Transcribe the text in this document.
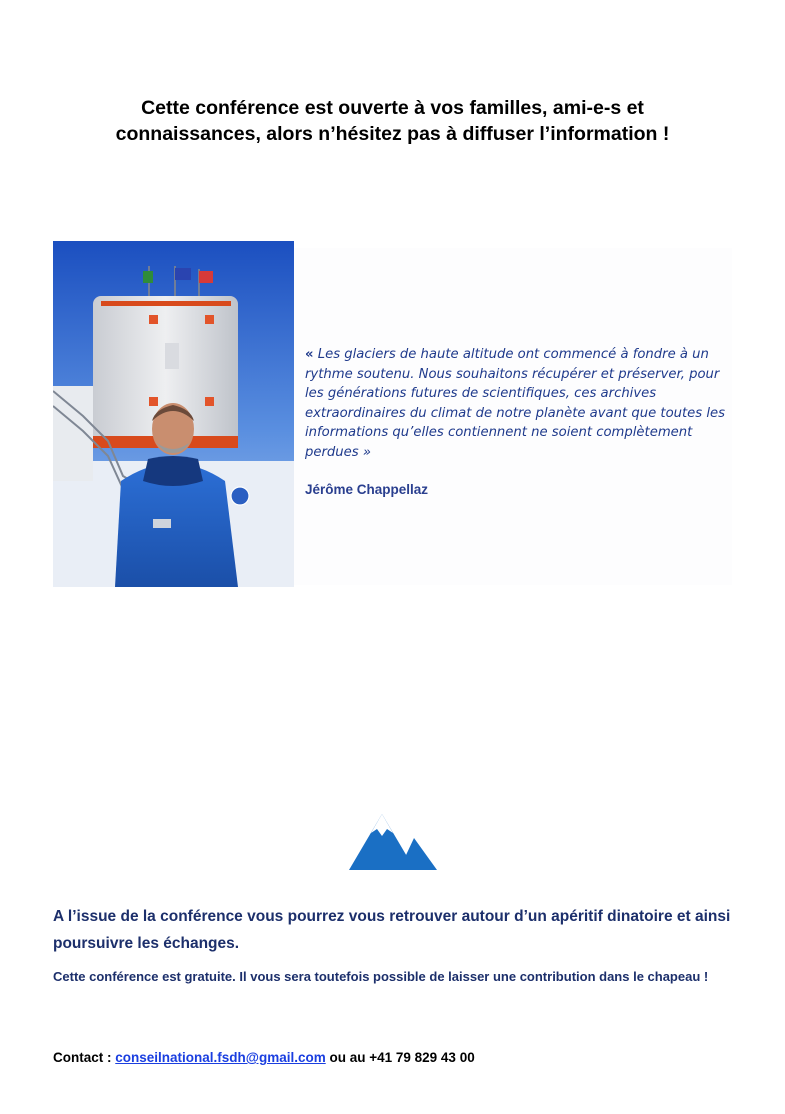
Cette conférence est ouverte à vos familles, ami-e-s et
connaissances, alors n’hésitez pas à diffuser l’information !

« Les glaciers de haute altitude ont commencé à fondre à un rythme soutenu. Nous souhaitons récupérer et préserver, pour les générations futures de scientifiques, ces archives extraordinaires du climat de notre planète avant que toutes les informations qu’elles contiennent ne soient complètement perdues »

Jérôme Chappellaz

A l’issue de la conférence vous pourrez vous retrouver autour d’un apéritif dinatoire et ainsi poursuivre les échanges.

Cette conférence est gratuite. Il vous sera toutefois possible de laisser une contribution dans le chapeau !

Contact : conseilnational.fsdh@gmail.com ou au +41 79 829 43 00
